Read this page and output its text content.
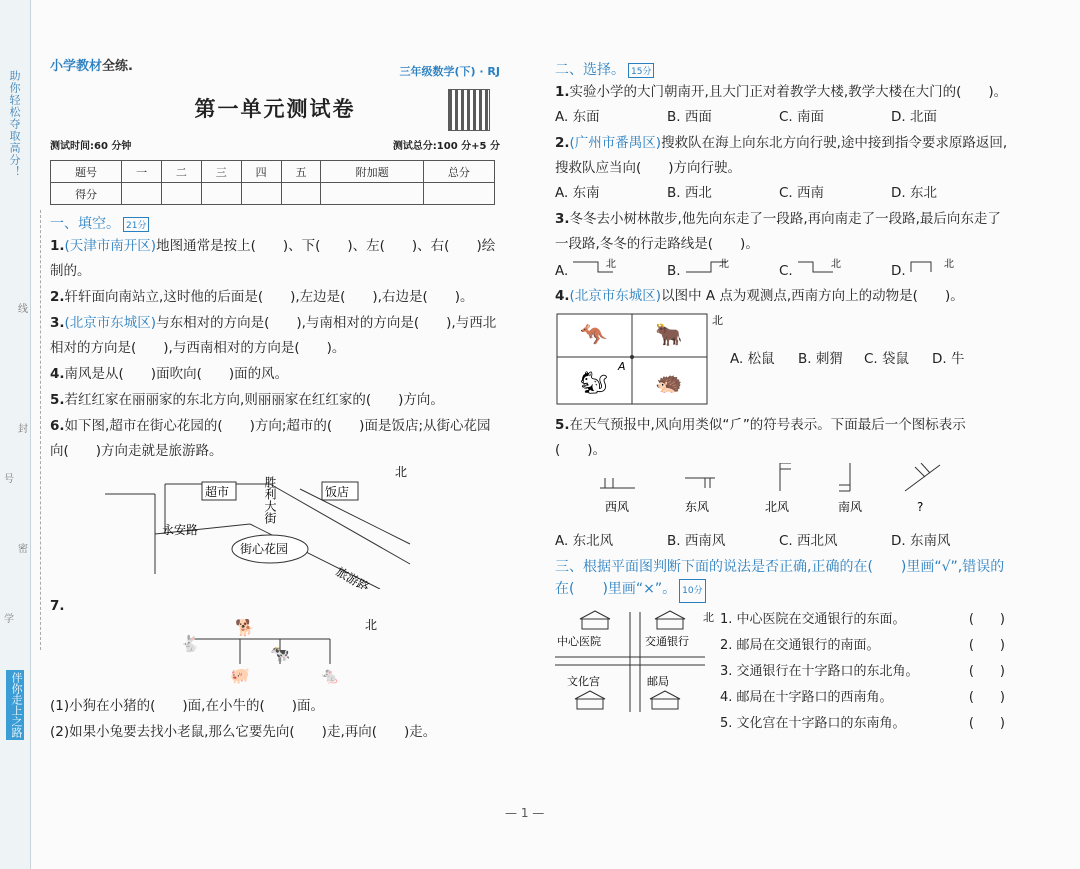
助你轻松夺取高分！
伴你走上之路
线
封
密
号
学
小学教材全练.	三年级数学(下) · RJ
第一单元测试卷
测试时间:60 分钟	测试总分:100 分+5 分
题号	一	二	三	四	五	附加题	总分
得分							
一、填空。 21分
1.(天津市南开区)地图通常是按上(　　)、下(　　)、左(　　)、右(　　)绘制的。
2.轩轩面向南站立,这时他的后面是(　　),左边是(　　),右边是(　　)。
3.(北京市东城区)与东相对的方向是(　　),与南相对的方向是(　　),与西北相对的方向是(　　),与西南相对的方向是(　　)。
4.南风是从(　　)面吹向(　　)面的风。
5.若红红家在丽丽家的东北方向,则丽丽家在红红家的(　　)方向。
6.如下图,超市在街心花园的(　　)方向;超市的(　　)面是饭店;从街心花园向(　　)方向走就是旅游路。
超市	饭店
胜利大街
北
永安路
街心花园
旅游路
7.
🐕
🐇
🐖
🐄
🐁
北
(1)小狗在小猪的(　　)面,在小牛的(　　)面。
(2)如果小兔要去找小老鼠,那么它要先向(　　)走,再向(　　)走。
二、选择。 15分
1.实验小学的大门朝南开,且大门正对着教学大楼,教学大楼在大门的(　　)。
A. 东面	B. 西面	C. 南面	D. 北面
2.(广州市番禺区)搜救队在海上向东北方向行驶,途中接到指令要求原路返回,搜救队应当向(　　)方向行驶。
A. 东南	B. 西北	C. 西南	D. 东北
3.冬冬去小树林散步,他先向东走了一段路,再向南走了一段路,最后向东走了一段路,冬冬的行走路线是(　　)。
A.	北	B.	北	C.	北	D.	北
4.(北京市东城区)以图中 A 点为观测点,西南方向上的动物是(　　)。
🦘 🐂
🐿 🦔
A
北
A. 松鼠	B. 刺猬	C. 袋鼠	D. 牛
5.在天气预报中,风向用类似“⺁”的符号表示。下面最后一个图标表示(　　)。
西风	东风	北风	南风	?
A. 东北风	B. 西南风	C. 西北风	D. 东南风
三、根据平面图判断下面的说法是否正确,正确的在(　　)里画“√”,错误的在(　　)里画“×”。 10分
中心医院	交通银行
北
文化宫	邮局
1. 中心医院在交通银行的东面。	(　　)
2. 邮局在交通银行的南面。	(　　)
3. 交通银行在十字路口的东北角。	(　　)
4. 邮局在十字路口的西南角。	(　　)
5. 文化宫在十字路口的东南角。	(　　)
— 1 —
